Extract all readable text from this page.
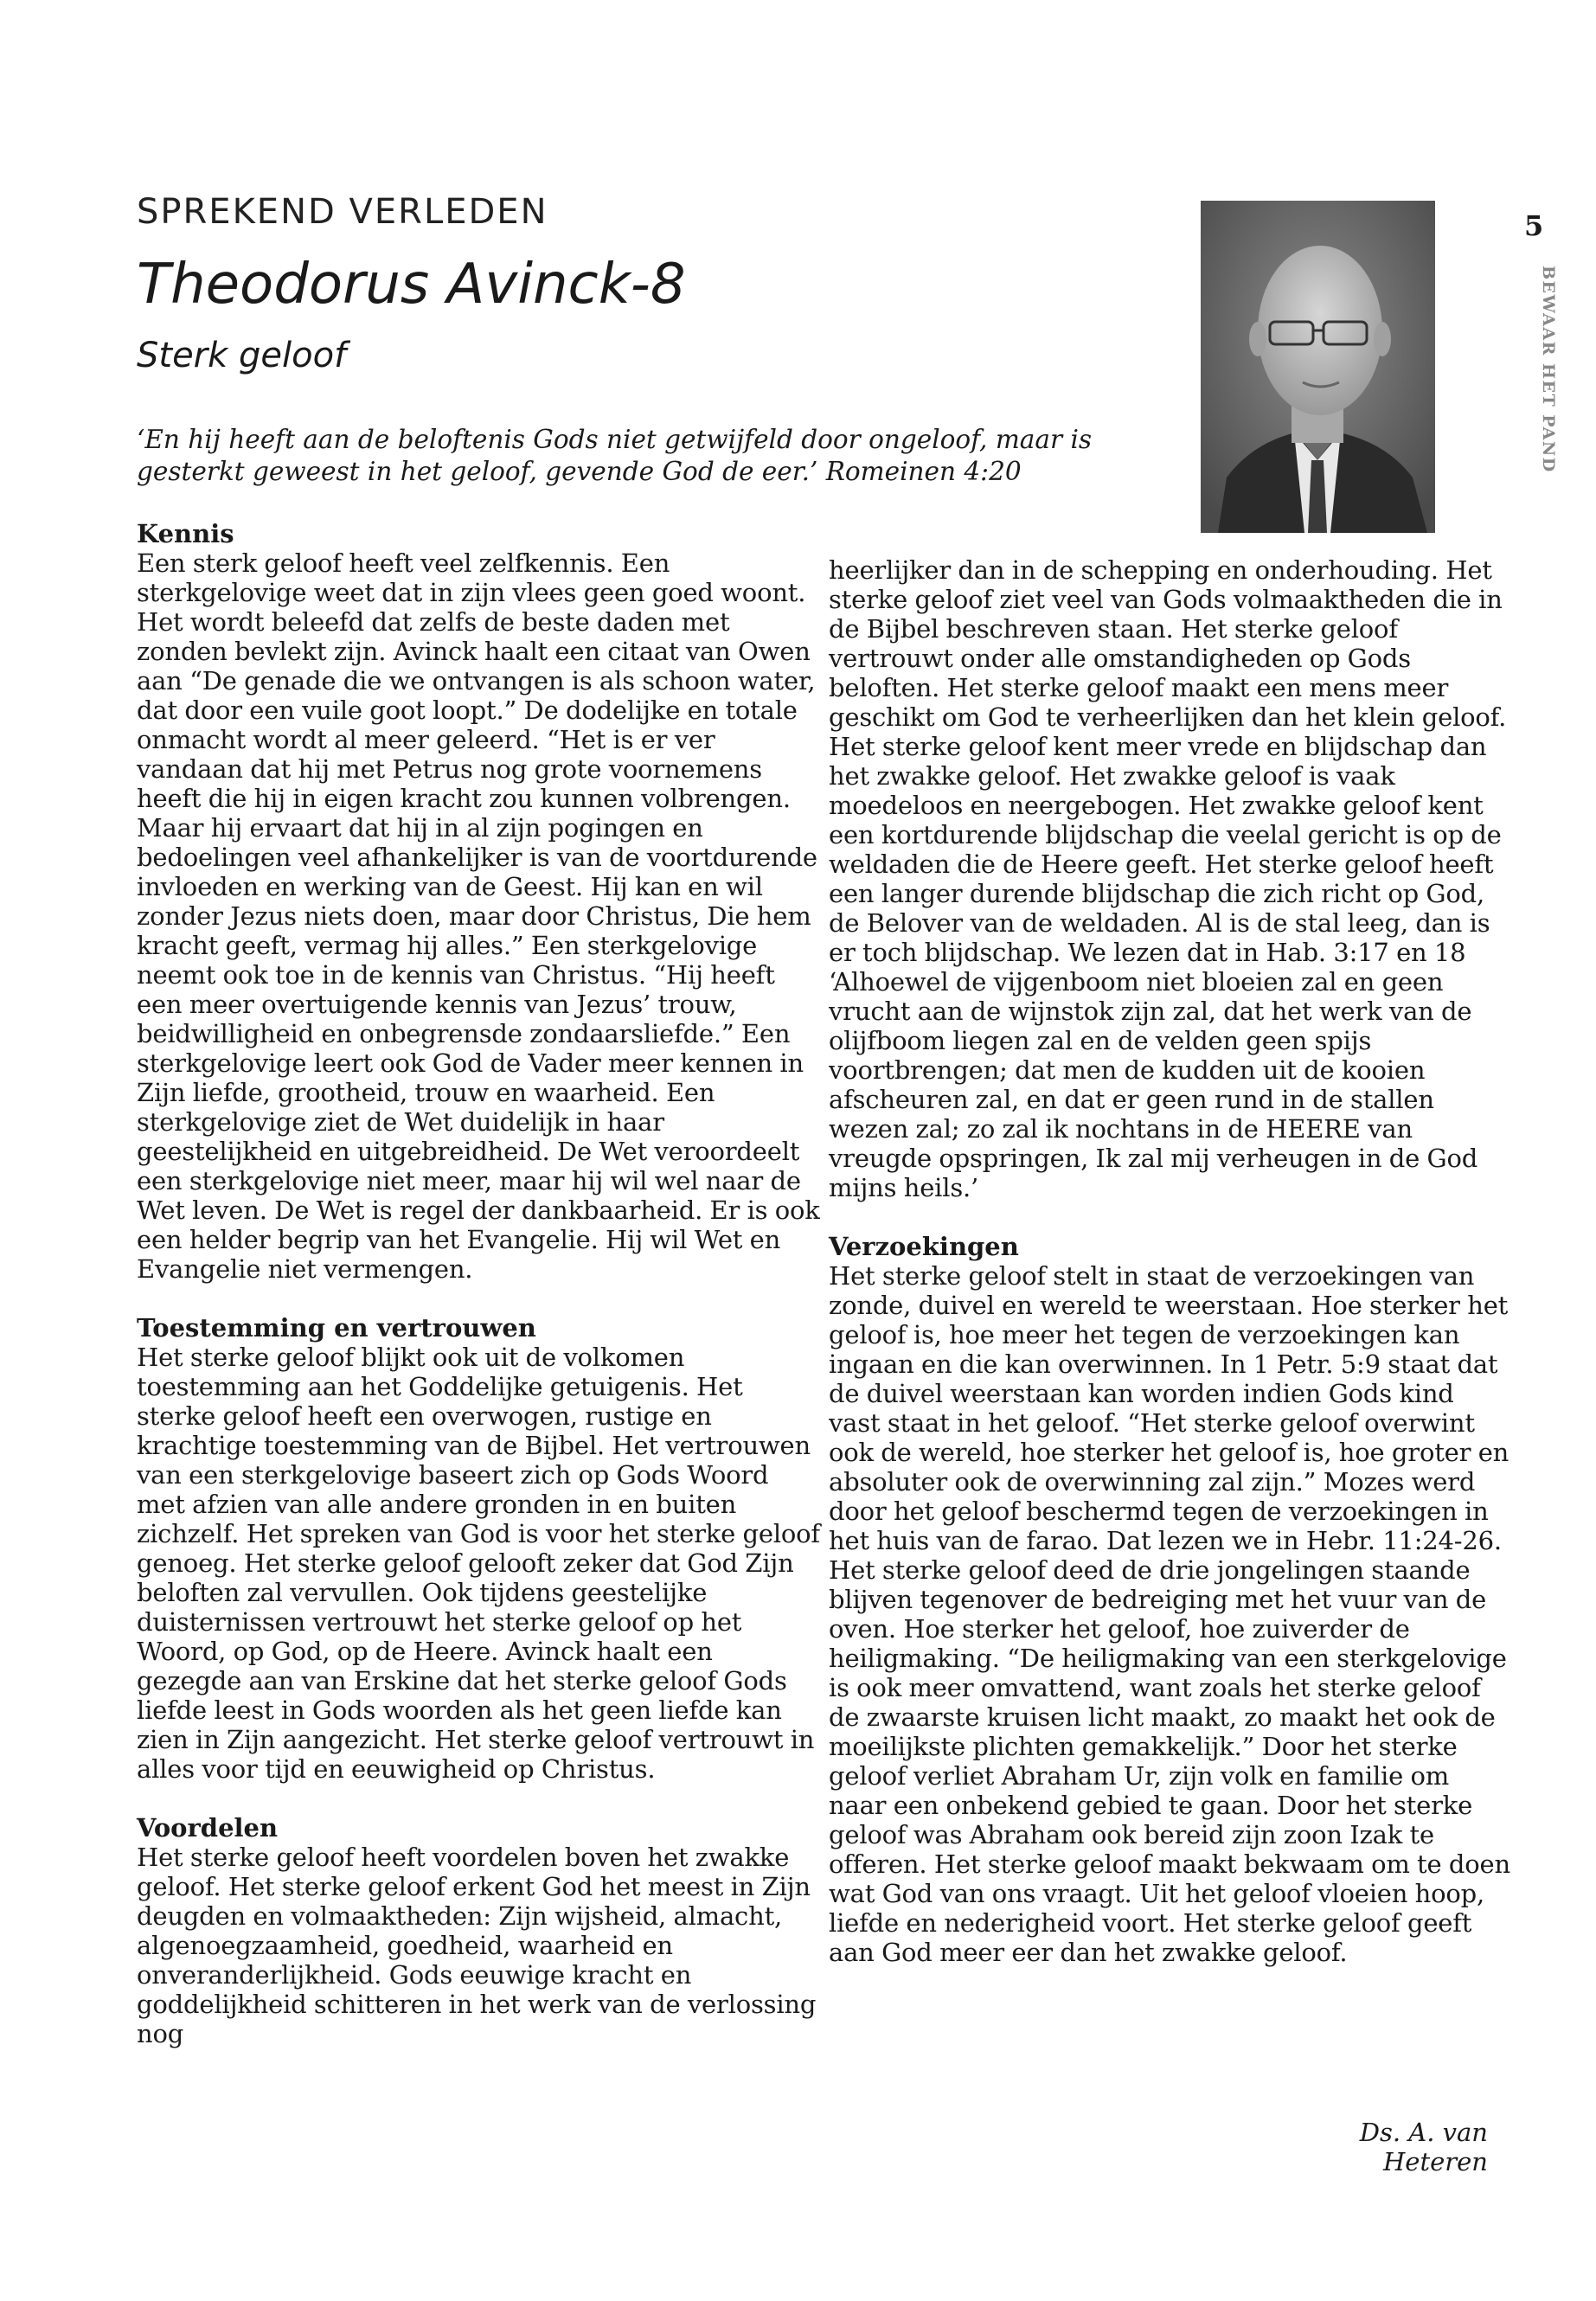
SPREKEND VERLEDEN
Theodorus Avinck-8
Sterk geloof
‘En hij heeft aan de beloftenis Gods niet getwijfeld door ongeloof, maar is gesterkt geweest in het geloof, gevende God de eer.’ Romeinen 4:20
5
BEWAAR HET PAND

Kennis

Een sterk geloof heeft veel zelfkennis. Een sterkgelovige weet dat in zijn vlees geen goed woont. Het wordt beleefd dat zelfs de beste daden met zonden bevlekt zijn. Avinck haalt een citaat van Owen aan “De genade die we ontvangen is als schoon water, dat door een vuile goot loopt.” De dodelijke en totale onmacht wordt al meer geleerd. “Het is er ver vandaan dat hij met Petrus nog grote voornemens heeft die hij in eigen kracht zou kunnen volbrengen. Maar hij ervaart dat hij in al zijn pogingen en bedoelingen veel afhankelijker is van de voortdurende invloeden en werking van de Geest. Hij kan en wil zonder Jezus niets doen, maar door Christus, Die hem kracht geeft, vermag hij alles.” Een sterkgelovige neemt ook toe in de kennis van Christus. “Hij heeft een meer overtuigende kennis van Jezus’ trouw, beidwilligheid en onbegrensde zondaarsliefde.” Een sterkgelovige leert ook God de Vader meer kennen in Zijn liefde, grootheid, trouw en waarheid. Een sterkgelovige ziet de Wet duidelijk in haar geestelijkheid en uitgebreidheid. De Wet veroordeelt een sterkgelovige niet meer, maar hij wil wel naar de Wet leven. De Wet is regel der dankbaarheid. Er is ook een helder begrip van het Evangelie. Hij wil Wet en Evangelie niet vermengen.

Toestemming en vertrouwen

Het sterke geloof blijkt ook uit de volkomen toestemming aan het Goddelijke getuigenis. Het sterke geloof heeft een overwogen, rustige en krachtige toestemming van de Bijbel. Het vertrouwen van een sterkgelovige baseert zich op Gods Woord met afzien van alle andere gronden in en buiten zichzelf. Het spreken van God is voor het sterke geloof genoeg. Het sterke geloof gelooft zeker dat God Zijn beloften zal vervullen. Ook tijdens geestelijke duisternissen vertrouwt het sterke geloof op het Woord, op God, op de Heere. Avinck haalt een gezegde aan van Erskine dat het sterke geloof Gods liefde leest in Gods woorden als het geen liefde kan zien in Zijn aangezicht. Het sterke geloof vertrouwt in alles voor tijd en eeuwigheid op Christus.

Voordelen

Het sterke geloof heeft voordelen boven het zwakke geloof. Het sterke geloof erkent God het meest in Zijn deugden en volmaaktheden: Zijn wijsheid, almacht, algenoegzaamheid, goedheid, waarheid en onveranderlijkheid. Gods eeuwige kracht en goddelijkheid schitteren in het werk van de verlossing nog

heerlijker dan in de schepping en onderhouding. Het sterke geloof ziet veel van Gods volmaaktheden die in de Bijbel beschreven staan. Het sterke geloof vertrouwt onder alle omstandigheden op Gods beloften. Het sterke geloof maakt een mens meer geschikt om God te verheerlijken dan het klein geloof. Het sterke geloof kent meer vrede en blijdschap dan het zwakke geloof. Het zwakke geloof is vaak moedeloos en neergebogen. Het zwakke geloof kent een kortdurende blijdschap die veelal gericht is op de weldaden die de Heere geeft. Het sterke geloof heeft een langer durende blijdschap die zich richt op God, de Belover van de weldaden. Al is de stal leeg, dan is er toch blijdschap. We lezen dat in Hab. 3:17 en 18 ‘Alhoewel de vijgenboom niet bloeien zal en geen vrucht aan de wijnstok zijn zal, dat het werk van de olijfboom liegen zal en de velden geen spijs voortbrengen; dat men de kudden uit de kooien afscheuren zal, en dat er geen rund in de stallen wezen zal; zo zal ik nochtans in de HEERE van vreugde opspringen, Ik zal mij verheugen in de God mijns heils.’

Verzoekingen

Het sterke geloof stelt in staat de verzoekingen van zonde, duivel en wereld te weerstaan. Hoe sterker het geloof is, hoe meer het tegen de verzoekingen kan ingaan en die kan overwinnen. In 1 Petr. 5:9 staat dat de duivel weerstaan kan worden indien Gods kind vast staat in het geloof. “Het sterke geloof overwint ook de wereld, hoe sterker het geloof is, hoe groter en absoluter ook de overwinning zal zijn.” Mozes werd door het geloof beschermd tegen de verzoekingen in het huis van de farao. Dat lezen we in Hebr. 11:24-26. Het sterke geloof deed de drie jongelingen staande blijven tegenover de bedreiging met het vuur van de oven. Hoe sterker het geloof, hoe zuiverder de heiligmaking. “De heiligmaking van een sterkgelovige is ook meer omvattend, want zoals het sterke geloof de zwaarste kruisen licht maakt, zo maakt het ook de moeilijkste plichten gemakkelijk.” Door het sterke geloof verliet Abraham Ur, zijn volk en familie om naar een onbekend gebied te gaan. Door het sterke geloof was Abraham ook bereid zijn zoon Izak te offeren. Het sterke geloof maakt bekwaam om te doen wat God van ons vraagt. Uit het geloof vloeien hoop, liefde en nederigheid voort. Het sterke geloof geeft aan God meer eer dan het zwakke geloof.

Ds. A. van Heteren
